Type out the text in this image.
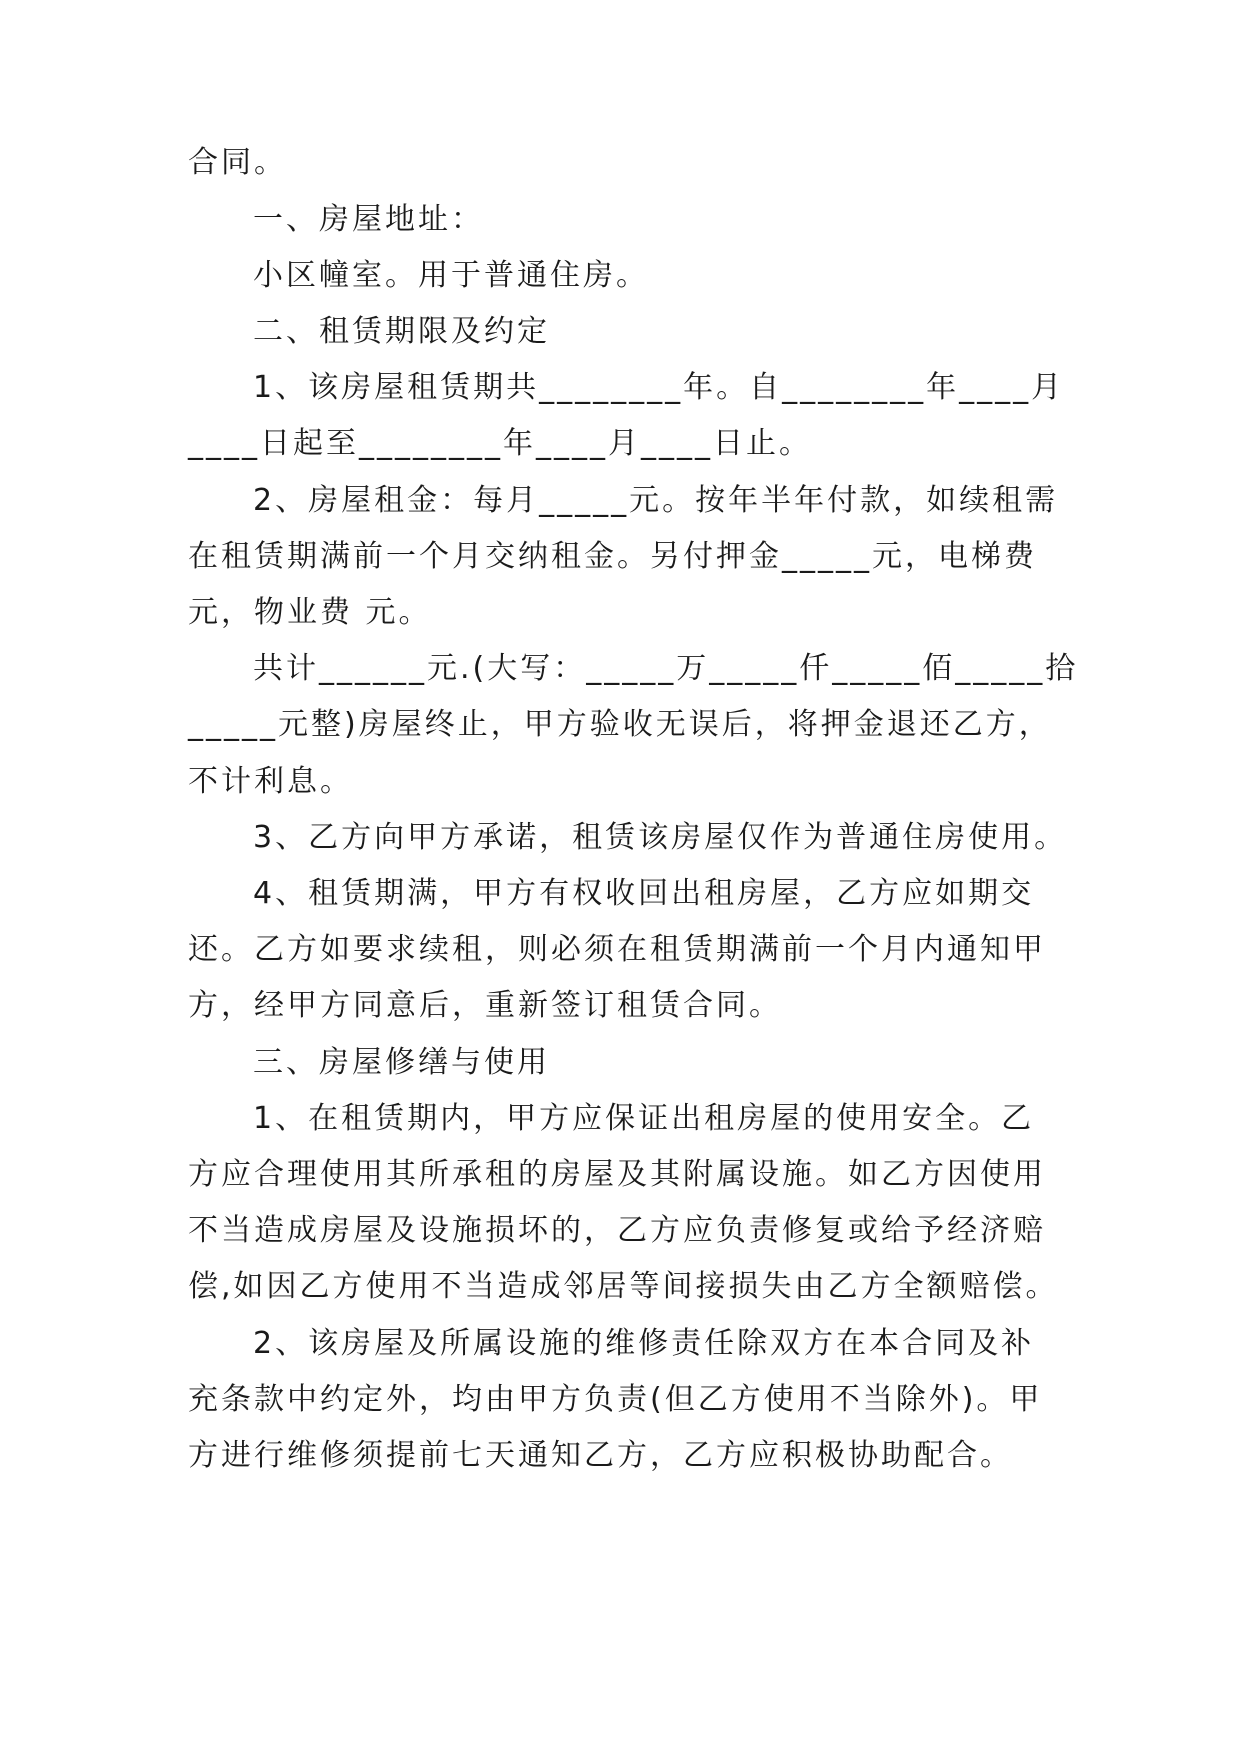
合同。
一、房屋地址：
小区幢室。用于普通住房。
二、租赁期限及约定
1、该房屋租赁期共________年。自________年____月
____日起至________年____月____日止。
2、房屋租金：每月_____元。按年半年付款，如续租需
在租赁期满前一个月交纳租金。另付押金_____元，电梯费
元，物业费 元。
共计______元.(大写：_____万_____仟_____佰_____拾
_____元整)房屋终止，甲方验收无误后，将押金退还乙方，
不计利息。
3、乙方向甲方承诺，租赁该房屋仅作为普通住房使用。
4、租赁期满，甲方有权收回出租房屋，乙方应如期交
还。乙方如要求续租，则必须在租赁期满前一个月内通知甲
方，经甲方同意后，重新签订租赁合同。
三、房屋修缮与使用
1、在租赁期内，甲方应保证出租房屋的使用安全。乙
方应合理使用其所承租的房屋及其附属设施。如乙方因使用
不当造成房屋及设施损坏的，乙方应负责修复或给予经济赔
偿,如因乙方使用不当造成邻居等间接损失由乙方全额赔偿。
2、该房屋及所属设施的维修责任除双方在本合同及补
充条款中约定外，均由甲方负责(但乙方使用不当除外)。甲
方进行维修须提前七天通知乙方，乙方应积极协助配合。
